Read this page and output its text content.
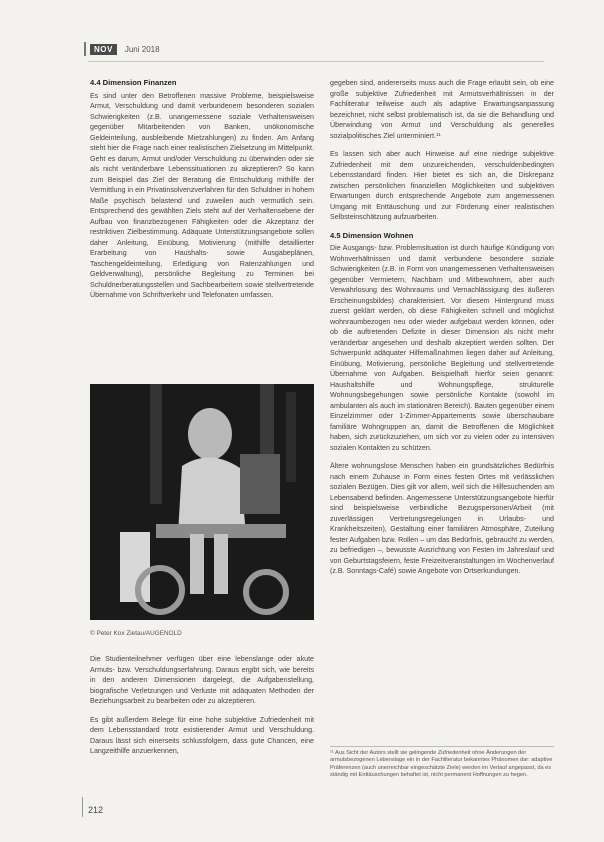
NOV	Juni 2018
4.4 Dimension Finanzen

Es sind unter den Betroffenen massive Probleme, beispielsweise Armut, Verschuldung und damit verbundenem besonderen sozialen Schwierigkeiten (z.B. unangemessene soziale Verhaltensweisen gegenüber Mitarbeitenden von Banken, unökonomische Geldeinteilung, ausbleibende Mietzahlungen) zu finden. Am Anfang steht hier die Frage nach einer realistischen Zielsetzung im Mittelpunkt. Geht es darum, Armut und/oder Verschuldung zu überwinden oder sie als nicht veränderbare Lebenssituationen zu akzeptieren? So kann zum Beispiel das Ziel der Beratung die Entschuldung mithilfe der Vermittlung in ein Privatinsolvenzverfahren für den Schuldner in hohem Maße psychisch belastend und zuweilen auch vermutlich sein. Entsprechend des gewählten Ziels steht auf der Verhaltensebene der Aufbau von finanzbezogenen Fähigkeiten oder die Akzeptanz der restriktiven Zielbestimmung. Adäquate Unterstützungsangebote sollen daher Anleitung, Einübung, Motivierung (mithilfe detaillierter Erarbeitung von Haushalts- sowie Ausgabeplänen, Taschengeldeinteilung, Erledigung von Ratenzahlungen und Geldverwaltung), persönliche Begleitung zu Terminen bei Schuldnerberatungsstellen und Sachbearbeitern sowie stellvertretende Übernahme von Schriftverkehr und Telefonaten umfassen.

© Peter Kox Zietau/AUGENOLD

Die Studienteilnehmer verfügen über eine lebenslange oder akute Armuts- bzw. Verschuldungserfahrung. Daraus ergibt sich, wie bereits in den anderen Dimensionen dargelegt, die Aufgabenstellung, biografische Verletzungen und Verluste mit adäquaten Methoden der Beziehungsarbeit zu bearbeiten oder zu akzeptieren.

Es gibt außerdem Belege für eine hohe subjektive Zufriedenheit mit dem Lebensstandard trotz existierender Armut und Verschuldung. Daraus lässt sich einerseits schlussfolgern, dass gute Chancen, eine Langzeithilfe anzuerkennen,

gegeben sind, andererseits muss auch die Frage erlaubt sein, ob eine große subjektive Zufriedenheit mit Armutsverhältnissen in der Fachliteratur teilweise auch als adaptive Erwartungsanpassung bezeichnet, nicht selbst problematisch ist, da sie die Behandlung und Überwindung von Armut und Verschuldung als generelles sozialpolitisches Ziel unterminiert.¹¹

Es lassen sich aber auch Hinweise auf eine niedrige subjektive Zufriedenheit mit dem unzureichenden, verschuldenbedingten Lebensstandard finden. Hier bietet es sich an, die Diskrepanz zwischen persönlichen finanziellen Möglichkeiten und subjektiven Erwartungen durch entsprechende Angebote zum angemessenen Umgang mit Enttäuschung und zur Förderung einer realistischen Selbsteinschätzung aufzuarbeiten.

4.5 Dimension Wohnen

Die Ausgangs- bzw. Problemsituation ist durch häufige Kündigung von Wohnverhältnissen und damit verbundene besondere soziale Schwierigkeiten (z.B. in Form von unangemessenen Verhaltensweisen gegenüber Vermietern, Nachbarn und Mitbewohnern, aber auch Verwahrlosung des Wohnraums und Vernachlässigung des äußeren Erscheinungsbildes) charakterisiert. Vor diesem Hintergrund muss zuerst geklärt werden, ob diese Fähigkeiten schnell und möglichst wohnraumbezogen neu oder wieder aufgebaut werden können, oder ob die auftretenden Defizite in dieser Dimension als nicht mehr veränderbar angesehen und deshalb akzeptiert werden sollten. Der Schwerpunkt adäquater Hilfemaßnahmen liegen daher auf Anleitung, Einübung, Motivierung, persönliche Begleitung und stellvertretende Übernahme von Aufgaben. Beispielhaft hierfür seien genannt: Haushaltshilfe und Wohnungspflege, strukturelle Wohnungsbegehungen sowie persönliche Kontakte (sowohl im ambulanten als auch im stationären Bereich). Bauten gegenüber einem Einzelzimmer oder 1-Zimmer-Appartements sowie überschaubare familiäre Wohngruppen an, damit die Betroffenen die Möglichkeit haben, sich zurückzuziehen, um sich vor zu vielen oder zu intensiven sozialen Kontakten zu schützen.

Ältere wohnungslose Menschen haben ein grundsätzliches Bedürfnis nach einem Zuhause in Form eines festen Ortes mit verlässlichen sozialen Bezügen. Dies gilt vor allem, weil sich die Hilfesuchenden am Lebensabend befinden. Angemessene Unterstützungsangebote hierfür sind beispielsweise verbindliche Bezugspersonen/Arbeit (mit zuverlässigen Vertretungsregelungen in Urlaubs- und Krankheitszeiten), Gestaltung einer familiären Atmosphäre, Zuteilung fester Aufgaben bzw. Rollen – um das Bedürfnis, gebraucht zu werden, zu befriedigen –, bewusste Ausrichtung von Festen im Jahreslauf und von Geburtstagsfeiern, feste Freizeitveranstaltungen im Wochenverlauf (z.B. Sonntags-Café) sowie Angebote von Ortserkundungen.

¹¹ Aus Sicht der Autors stellt sie gelingende Zufriedenheit ohne Änderungen der armutsbezogenen Lebenslage ein in der Fachliteratur bekanntes Phänomen dar: adaptive Präferenzen (auch unerreichbar eingeschätzte Ziele) werden im Verlauf angepasst, da es ständig mit Enttäuschungen behaftet ist, nicht permanent Hoffnungen zu hegen.
212
